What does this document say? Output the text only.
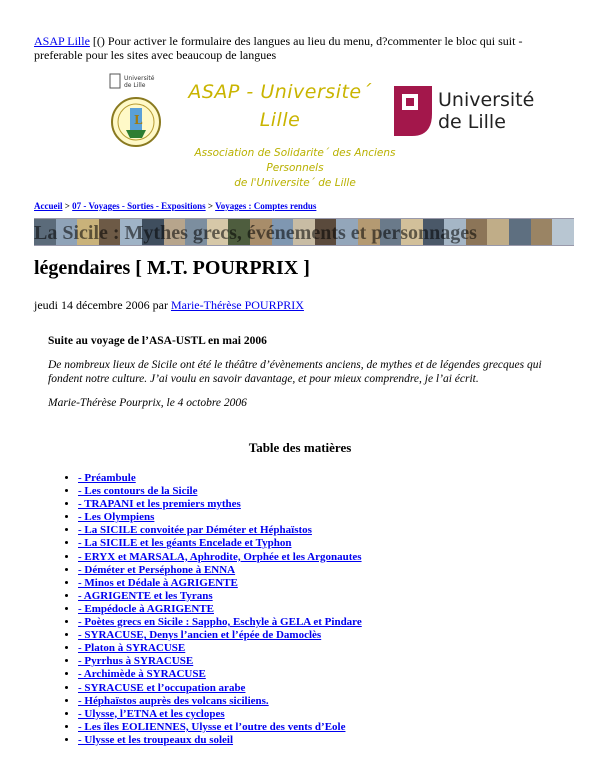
ASAP Lille [() Pour activer le formulaire des langues au lieu du menu, d?commenter le bloc qui suit - preferable pour les sites avec beaucoup de langues
Université
de Lille
L
ASAP - Universite´
Lille
Association de Solidarite´ des Anciens
Personnels
de l'Universite´ de Lille
Université
de Lille
Accueil > 07 - Voyages - Sorties - Expositions > Voyages : Comptes rendus
La Sicile : Mythes grecs, événements et personnages
légendaires [ M.T. POURPRIX ]
jeudi 14 décembre 2006 par Marie-Thérèse POURPRIX

Suite au voyage de l’ASA-USTL en mai 2006

De nombreux lieux de Sicile ont été le théâtre d’évènements anciens, de mythes et de légendes grecques qui fondent notre culture. J’ai voulu en savoir davantage, et pour mieux comprendre, je l’ai écrit.

Marie-Thérèse Pourprix, le 4 octobre 2006

Table des matières
• - Préambule
• - Les contours de la Sicile
• - TRAPANI et les premiers mythes
• - Les Olympiens
• - La SICILE convoitée par Déméter et Héphaïstos
• - La SICILE et les géants Encelade et Typhon
• - ERYX et MARSALA, Aphrodite, Orphée et les Argonautes
• - Déméter et Perséphone à ENNA
• - Minos et Dédale à AGRIGENTE
• - AGRIGENTE et les Tyrans
• - Empédocle à AGRIGENTE
• - Poètes grecs en Sicile : Sappho, Eschyle à GELA et Pindare
• - SYRACUSE, Denys l’ancien et l’épée de Damoclès
• - Platon à SYRACUSE
• - Pyrrhus à SYRACUSE
• - Archimède à SYRACUSE
• - SYRACUSE et l’occupation arabe
• - Héphaïstos auprès des volcans siciliens.
• - Ulysse, l’ETNA et les cyclopes
• - Les îles EOLIENNES, Ulysse et l’outre des vents d’Eole
• - Ulysse et les troupeaux du soleil
